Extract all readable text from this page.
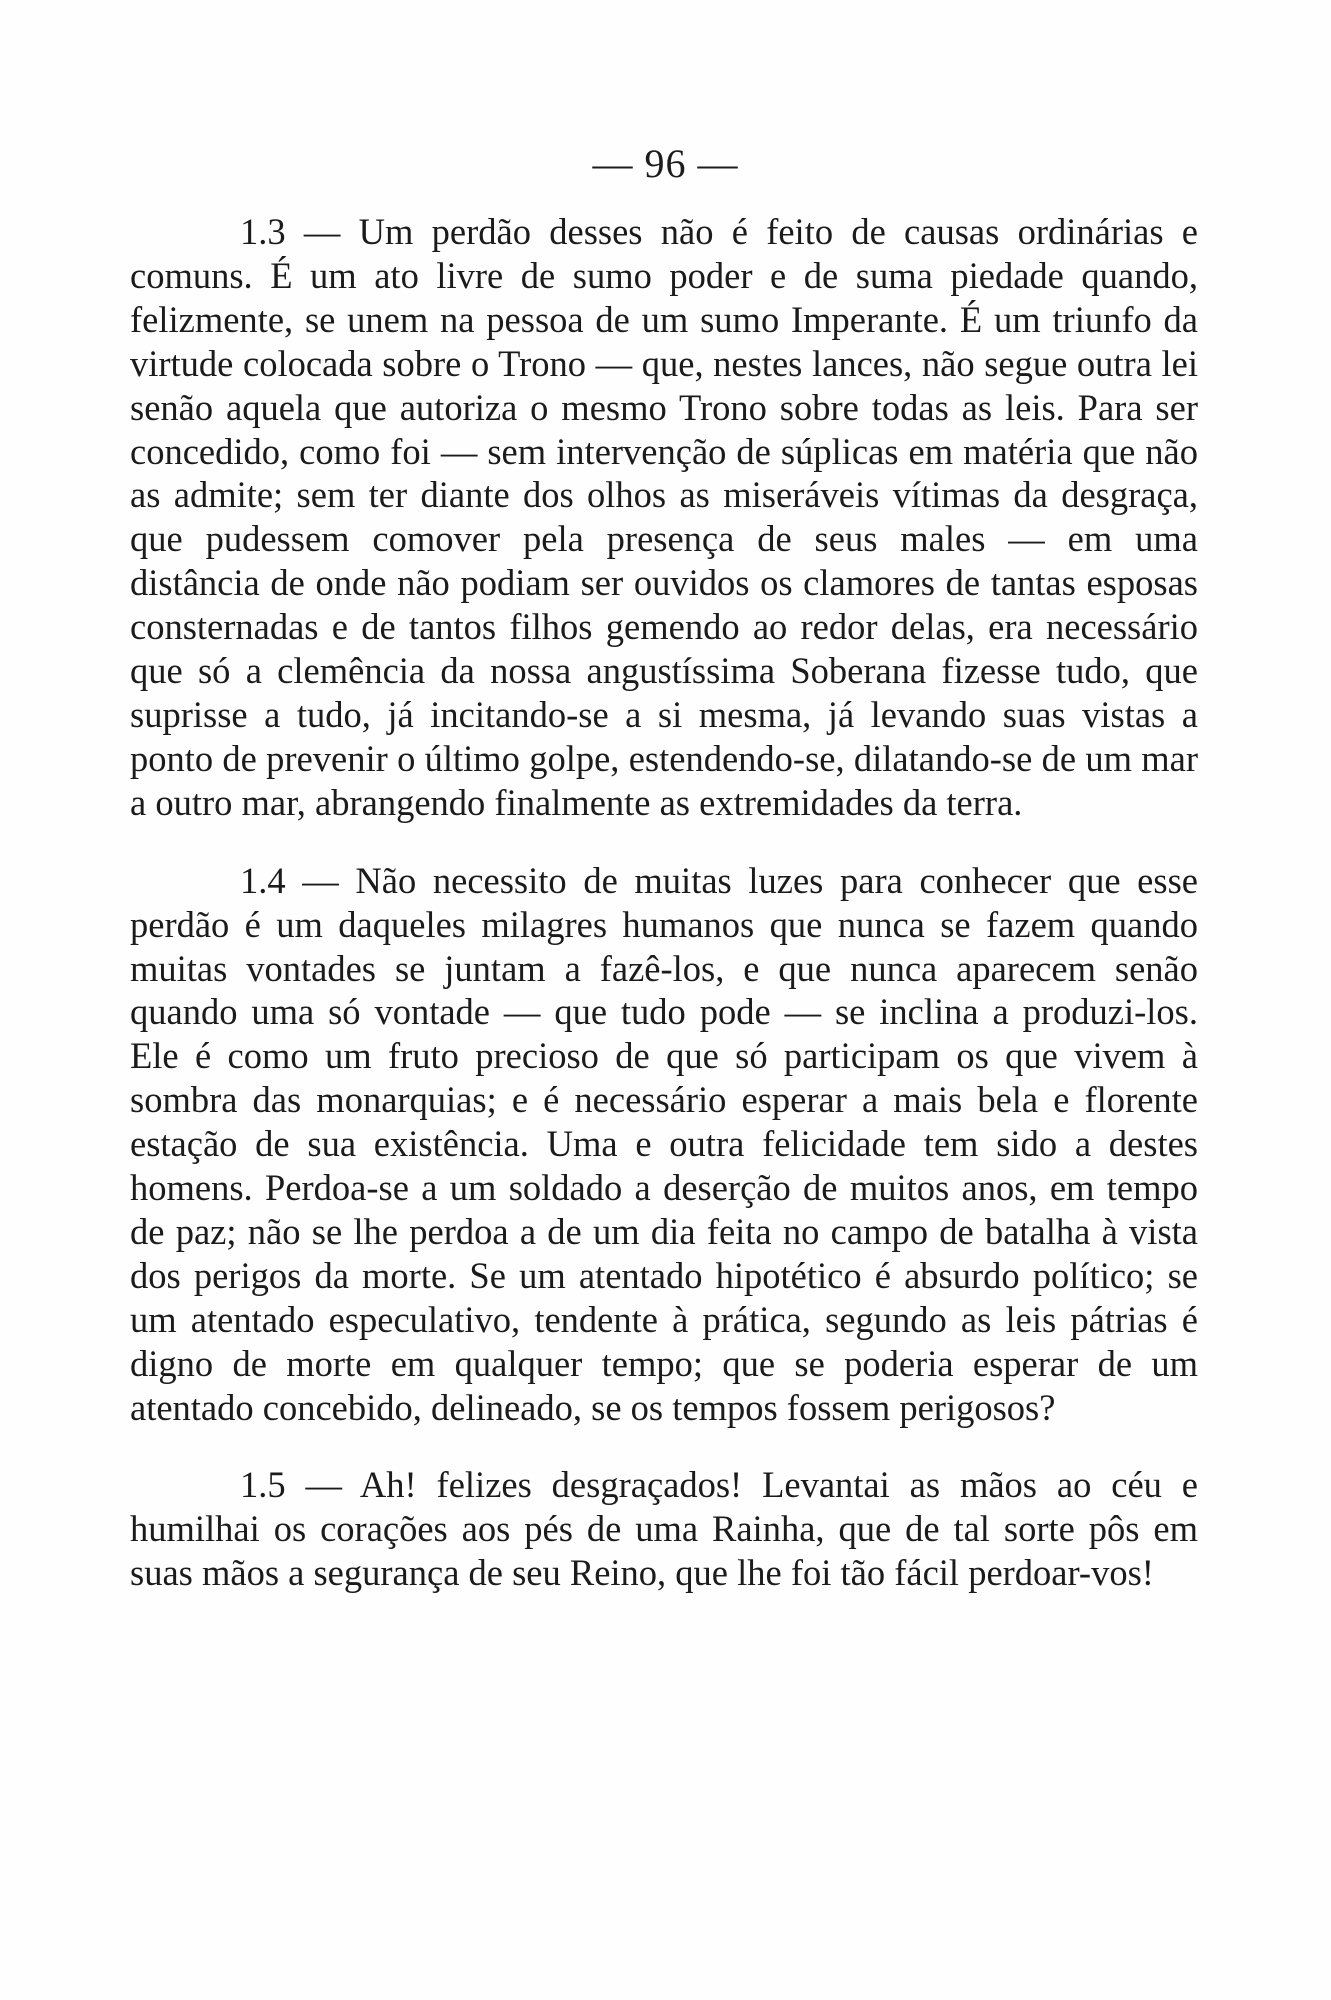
— 96 —

1.3 — Um perdão desses não é feito de causas ordinárias e comuns. É um ato livre de sumo poder e de suma piedade quando, felizmente, se unem na pessoa de um sumo Imperante. É um triunfo da virtude colocada sobre o Trono — que, nestes lances, não segue outra lei senão aquela que autoriza o mesmo Trono sobre todas as leis. Para ser concedido, como foi — sem intervenção de súplicas em matéria que não as admite; sem ter diante dos olhos as miseráveis vítimas da desgraça, que pudessem comover pela presença de seus males — em uma distância de onde não podiam ser ouvidos os clamores de tantas esposas consternadas e de tantos filhos gemendo ao redor delas, era necessário que só a clemência da nossa angustíssima Soberana fizesse tudo, que suprisse a tudo, já incitando-se a si mesma, já levando suas vistas a ponto de prevenir o último golpe, estendendo-se, dilatando-se de um mar a outro mar, abrangendo finalmente as extremidades da terra.

1.4 — Não necessito de muitas luzes para conhecer que esse perdão é um daqueles milagres humanos que nunca se fazem quando muitas vontades se juntam a fazê-los, e que nunca aparecem senão quando uma só vontade — que tudo pode — se inclina a produzi-los. Ele é como um fruto precioso de que só participam os que vivem à sombra das monarquias; e é necessário esperar a mais bela e florente estação de sua existência. Uma e outra felicidade tem sido a destes homens. Perdoa-se a um soldado a deserção de muitos anos, em tempo de paz; não se lhe perdoa a de um dia feita no campo de batalha à vista dos perigos da morte. Se um atentado hipotético é absurdo político; se um atentado especulativo, tendente à prática, segundo as leis pátrias é digno de morte em qualquer tempo; que se poderia esperar de um atentado concebido, delineado, se os tempos fossem perigosos?

1.5 — Ah! felizes desgraçados! Levantai as mãos ao céu e humilhai os corações aos pés de uma Rainha, que de tal sorte pôs em suas mãos a segurança de seu Reino, que lhe foi tão fácil perdoar-vos!
